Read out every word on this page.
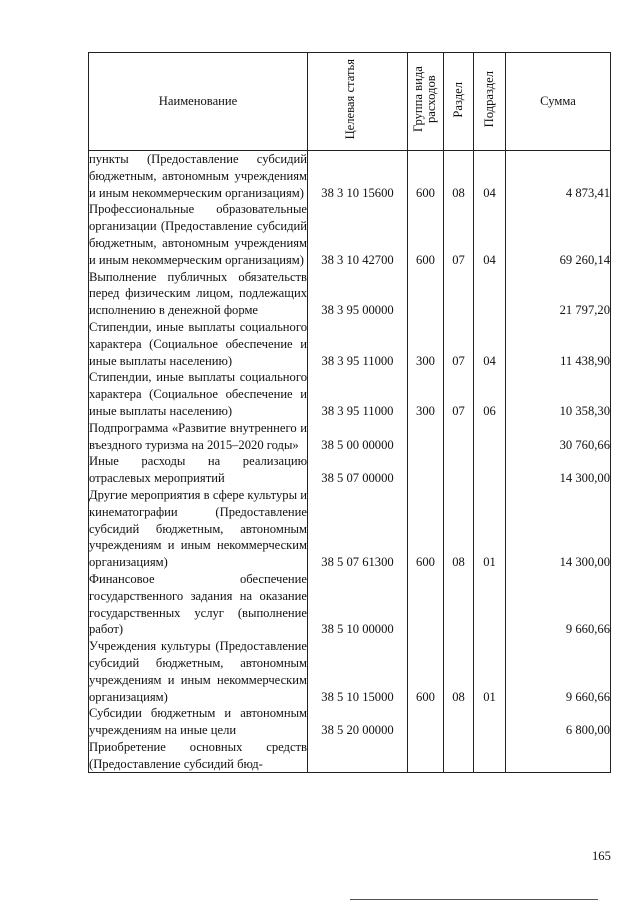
Наименование	Целевая статья	Группа вида расходов	Раздел	Подраздел	Сумма
пункты (Предоставление субсидий бюджетным, автономным учреждениям и иным некоммерческим организациям)	38 3 10 15600	600	08	04	4 873,41
Профессиональные образовательные организации (Предоставление субсидий бюджетным, автономным учреждениям и иным некоммерческим организациям)	38 3 10 42700	600	07	04	69 260,14
Выполнение публичных обязательств перед физическим лицом, подлежащих исполнению в денежной форме	38 3 95 00000				21 797,20
Стипендии, иные выплаты социального характера (Социальное обеспечение и иные выплаты населению)	38 3 95 11000	300	07	04	11 438,90
Стипендии, иные выплаты социального характера (Социальное обеспечение и иные выплаты населению)	38 3 95 11000	300	07	06	10 358,30
Подпрограмма «Развитие внутреннего и въездного туризма на 2015–2020 годы»	38 5 00 00000				30 760,66
Иные расходы на реализацию отраслевых мероприятий	38 5 07 00000				14 300,00
Другие мероприятия в сфере культуры и кинематографии (Предоставление субсидий бюджетным, автономным учреждениям и иным некоммерческим организациям)	38 5 07 61300	600	08	01	14 300,00
Финансовое обеспечение государственного задания на оказание государственных услуг (выполнение работ)	38 5 10 00000				9 660,66
Учреждения культуры (Предоставление субсидий бюджетным, автономным учреждениям и иным некоммерческим организациям)	38 5 10 15000	600	08	01	9 660,66
Субсидии бюджетным и автономным учреждениям на иные цели	38 5 20 00000				6 800,00
Приобретение основных средств (Предоставление субсидий бюд-					
165
